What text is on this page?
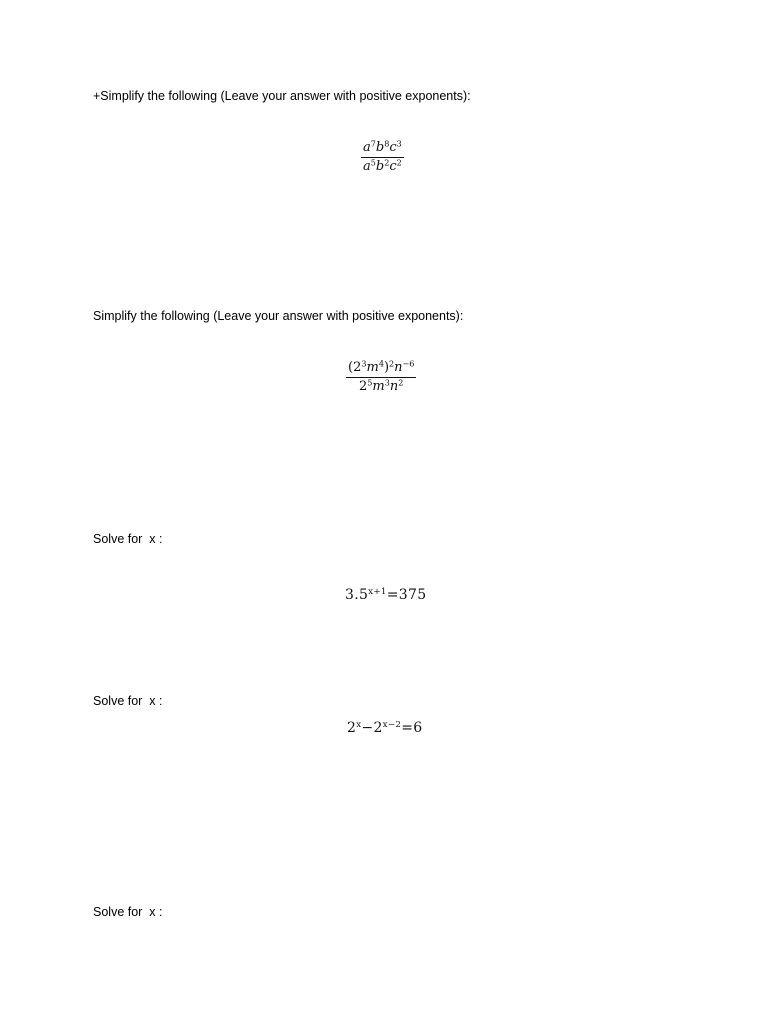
+Simplify the following (Leave your answer with positive exponents):
$\frac{a^7b^8c^3}{a^5b^2c^2}$
Simplify the following (Leave your answer with positive exponents):
$\frac{(2^3m^4)^2n^{-6}}{2^5m^3n^2}$
Solve for  x :
$3.5^{x+1}=375$
Solve for  x :
$2^x-2^{x-2}=6$
Solve for  x :
